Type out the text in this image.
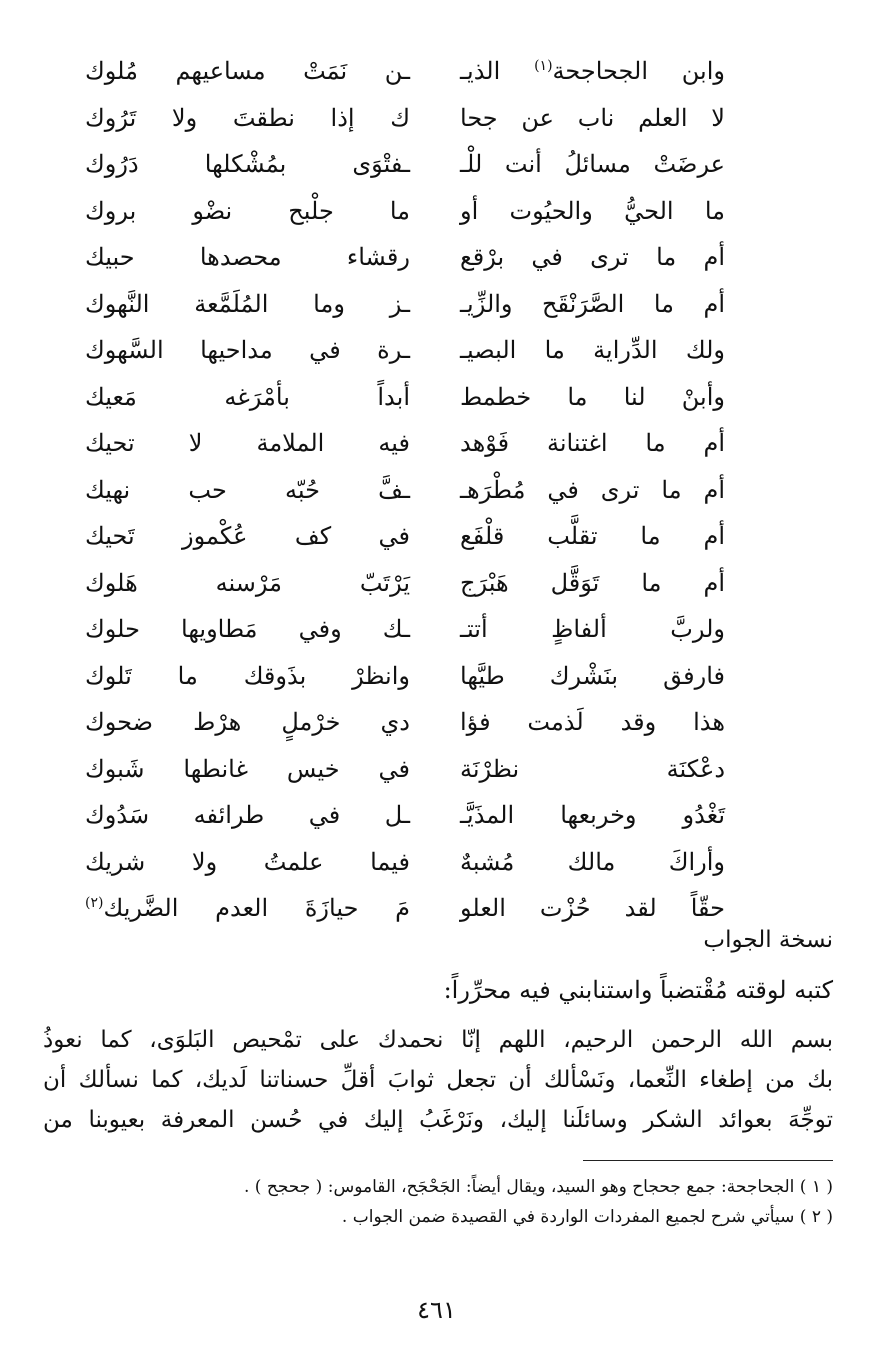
وابن الجحاجحة$^{(١)}$ الذيـ
ـن نَمَتْ مساعيهم مُلوك
لا العلم ناب عن جحا
ك إذا نطقتَ ولا تَرُوك
عرضَتْ مسائلُ أنت للْـ
ـفتْوَى بمُشْكلها دَرُوك
ما الحيُّ والحيُوت أو
ما جلْبح نضْو بروك
أم ما ترى في برْقع
رقشاء محصدها حبيك
أم ما الصَّرَنْقَح والزِّيـ
ـز وما المُلَمَّعة النَّهوك
ولك الدِّراية ما البصيـ
ـرة في مداحيها السَّهوك
وأبنْ لنا ما خطمط
أبداً بأمْرَغه مَعيك
أم ما اغتنانة فَوْهد
فيه الملامة لا تحيك
أم ما ترى في مُطْرَهـ
ـفَّ حُبّه حب نهيك
أم ما تقلَّب قلْفَع
في كف عُكْموز تَحيك
أم ما تَوَقَّل هَبْرَج
يَرْتَبّ مَرْسنه هَلوك
ولربَّ ألفاظٍ أتتـ
ـك وفي مَطاويها حلوك
فارفق بنَشْرك طيَّها
وانظرْ بذَوقك ما تَلوك
هذا وقد لَذمت فؤا
دي خرْملٍ هرْط ضحوك
دعْكنَة نظرْنَة
في خيس غانطها شَبوك
تَغْدُو وخربعها المذَيَّـ
ـل في طرائفه سَدُوك
وأراكَ مالك مُشبهٌ
فيما علمتُ ولا شريك
حقّاً لقد حُزْت العلو
مَ حيازَةَ العدم الضَّريك$^{(٢)}$
نسخة الجواب
كتبه لوقته مُقْتضباً واستنابني فيه محرِّراً:
بسم الله الرحمن الرحيم، اللهم إنّا نحمدك على تمْحيص البَلوَى، كما نعوذُ
بك من إطغاء النِّعما، ونَسْألك أن تجعل ثوابَ أقلِّ حسناتنا لَديك، كما نسألك أن
توجِّهَ بعوائد الشكر وسائلَنا إليك، ونَرْغَبُ إليك في حُسن المعرفة بعيوبنا من
( ١ ) الجحاجحة: جمع جحجاح وهو السيد، ويقال أيضاً: الجَحْجَح، القاموس: ( جحجح ) .
( ٢ ) سيأتي شرح لجميع المفردات الواردة في القصيدة ضمن الجواب .
٤٦١
